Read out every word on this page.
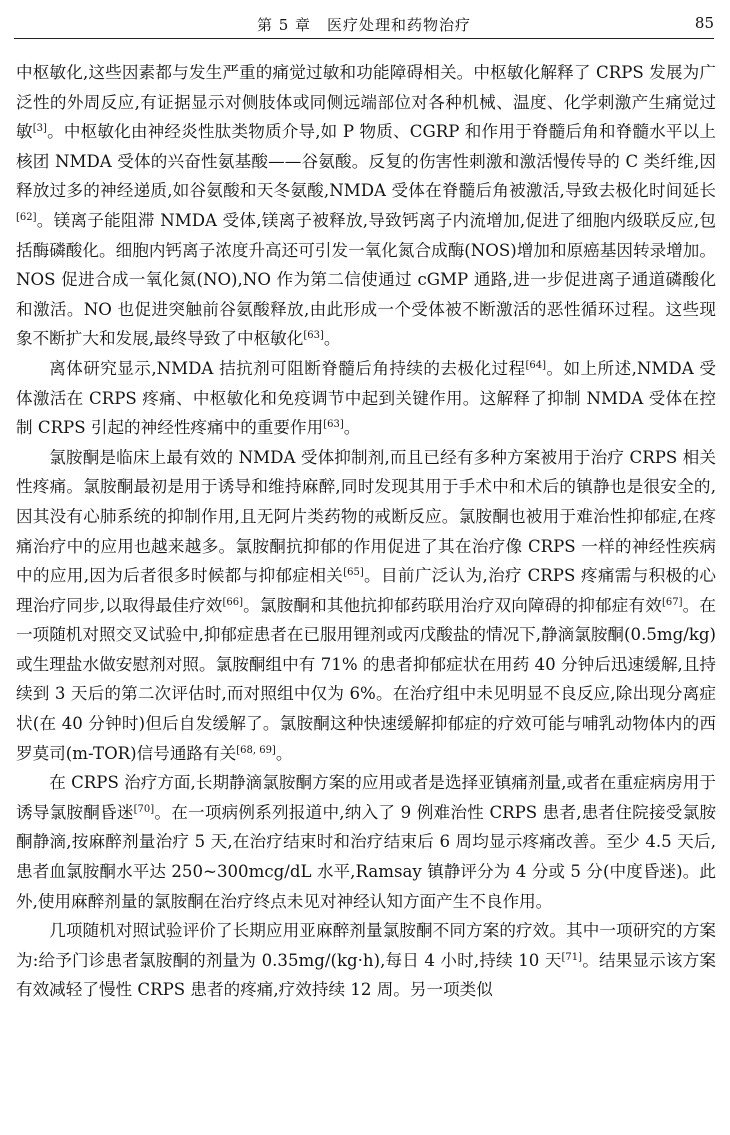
第 5 章　医疗处理和药物治疗	85

中枢敏化,这些因素都与发生严重的痛觉过敏和功能障碍相关。中枢敏化解释了 CRPS 发展为广泛性的外周反应,有证据显示对侧肢体或同侧远端部位对各种机械、温度、化学刺激产生痛觉过敏[3]。中枢敏化由神经炎性肽类物质介导,如 P 物质、CGRP 和作用于脊髓后角和脊髓水平以上核团 NMDA 受体的兴奋性氨基酸——谷氨酸。反复的伤害性刺激和激活慢传导的 C 类纤维,因释放过多的神经递质,如谷氨酸和天冬氨酸,NMDA 受体在脊髓后角被激活,导致去极化时间延长[62]。镁离子能阻滞 NMDA 受体,镁离子被释放,导致钙离子内流增加,促进了细胞内级联反应,包括酶磷酸化。细胞内钙离子浓度升高还可引发一氧化氮合成酶(NOS)增加和原癌基因转录增加。NOS 促进合成一氧化氮(NO),NO 作为第二信使通过 cGMP 通路,进一步促进离子通道磷酸化和激活。NO 也促进突触前谷氨酸释放,由此形成一个受体被不断激活的恶性循环过程。这些现象不断扩大和发展,最终导致了中枢敏化[63]。

离体研究显示,NMDA 拮抗剂可阻断脊髓后角持续的去极化过程[64]。如上所述,NMDA 受体激活在 CRPS 疼痛、中枢敏化和免疫调节中起到关键作用。这解释了抑制 NMDA 受体在控制 CRPS 引起的神经性疼痛中的重要作用[63]。

氯胺酮是临床上最有效的 NMDA 受体抑制剂,而且已经有多种方案被用于治疗 CRPS 相关性疼痛。氯胺酮最初是用于诱导和维持麻醉,同时发现其用于手术中和术后的镇静也是很安全的,因其没有心肺系统的抑制作用,且无阿片类药物的戒断反应。氯胺酮也被用于难治性抑郁症,在疼痛治疗中的应用也越来越多。氯胺酮抗抑郁的作用促进了其在治疗像 CRPS 一样的神经性疾病中的应用,因为后者很多时候都与抑郁症相关[65]。目前广泛认为,治疗 CRPS 疼痛需与积极的心理治疗同步,以取得最佳疗效[66]。氯胺酮和其他抗抑郁药联用治疗双向障碍的抑郁症有效[67]。在一项随机对照交叉试验中,抑郁症患者在已服用锂剂或丙戊酸盐的情况下,静滴氯胺酮(0.5mg/kg)或生理盐水做安慰剂对照。氯胺酮组中有 71% 的患者抑郁症状在用药 40 分钟后迅速缓解,且持续到 3 天后的第二次评估时,而对照组中仅为 6%。在治疗组中未见明显不良反应,除出现分离症状(在 40 分钟时)但后自发缓解了。氯胺酮这种快速缓解抑郁症的疗效可能与哺乳动物体内的西罗莫司(m-TOR)信号通路有关[68, 69]。

在 CRPS 治疗方面,长期静滴氯胺酮方案的应用或者是选择亚镇痛剂量,或者在重症病房用于诱导氯胺酮昏迷[70]。在一项病例系列报道中,纳入了 9 例难治性 CRPS 患者,患者住院接受氯胺酮静滴,按麻醉剂量治疗 5 天,在治疗结束时和治疗结束后 6 周均显示疼痛改善。至少 4.5 天后,患者血氯胺酮水平达 250~300mcg/dL 水平,Ramsay 镇静评分为 4 分或 5 分(中度昏迷)。此外,使用麻醉剂量的氯胺酮在治疗终点未见对神经认知方面产生不良作用。

几项随机对照试验评价了长期应用亚麻醉剂量氯胺酮不同方案的疗效。其中一项研究的方案为:给予门诊患者氯胺酮的剂量为 0.35mg/(kg·h),每日 4 小时,持续 10 天[71]。结果显示该方案有效减轻了慢性 CRPS 患者的疼痛,疗效持续 12 周。另一项类似
